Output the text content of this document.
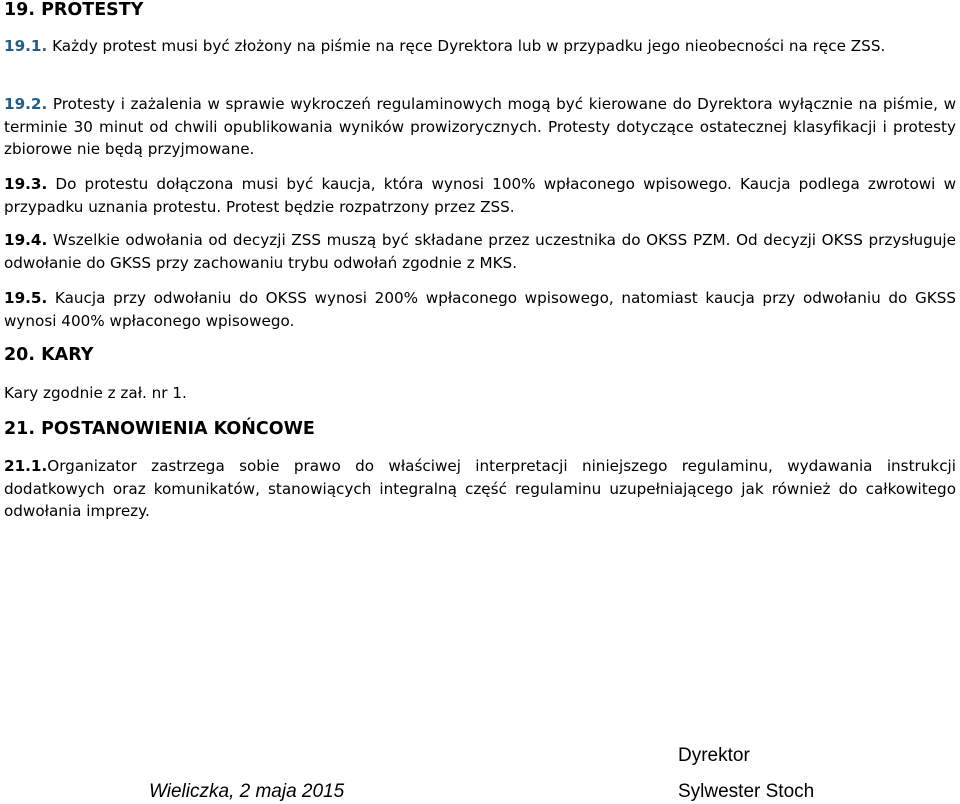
19. PROTESTY

19.1. Każdy protest musi być złożony na piśmie na ręce Dyrektora lub w przypadku jego nieobecności na ręce ZSS.

19.2. Protesty i zażalenia w sprawie wykroczeń regulaminowych mogą być kierowane do Dyrektora wyłącznie na piśmie, w terminie 30 minut od chwili opublikowania wyników prowizorycznych. Protesty dotyczące ostatecznej klasyfikacji i protesty zbiorowe nie będą przyjmowane.

19.3. Do protestu dołączona musi być kaucja, która wynosi 100% wpłaconego wpisowego. Kaucja podlega zwrotowi w przypadku uznania protestu. Protest będzie rozpatrzony przez ZSS.

19.4. Wszelkie odwołania od decyzji ZSS muszą być składane przez uczestnika do OKSS PZM. Od decyzji OKSS przysługuje odwołanie do GKSS przy zachowaniu trybu odwołań zgodnie z MKS.

19.5. Kaucja przy odwołaniu do OKSS wynosi 200% wpłaconego wpisowego, natomiast kaucja przy odwołaniu do GKSS wynosi 400% wpłaconego wpisowego.

20. KARY

Kary zgodnie z zał. nr 1.

21. POSTANOWIENIA KOŃCOWE

21.1.Organizator zastrzega sobie prawo do właściwej interpretacji niniejszego regulaminu, wydawania instrukcji dodatkowych oraz komunikatów, stanowiących integralną część regulaminu uzupełniającego jak również do całkowitego odwołania imprezy.

Dyrektor

Wieliczka, 2 maja 2015	Sylwester Stoch
